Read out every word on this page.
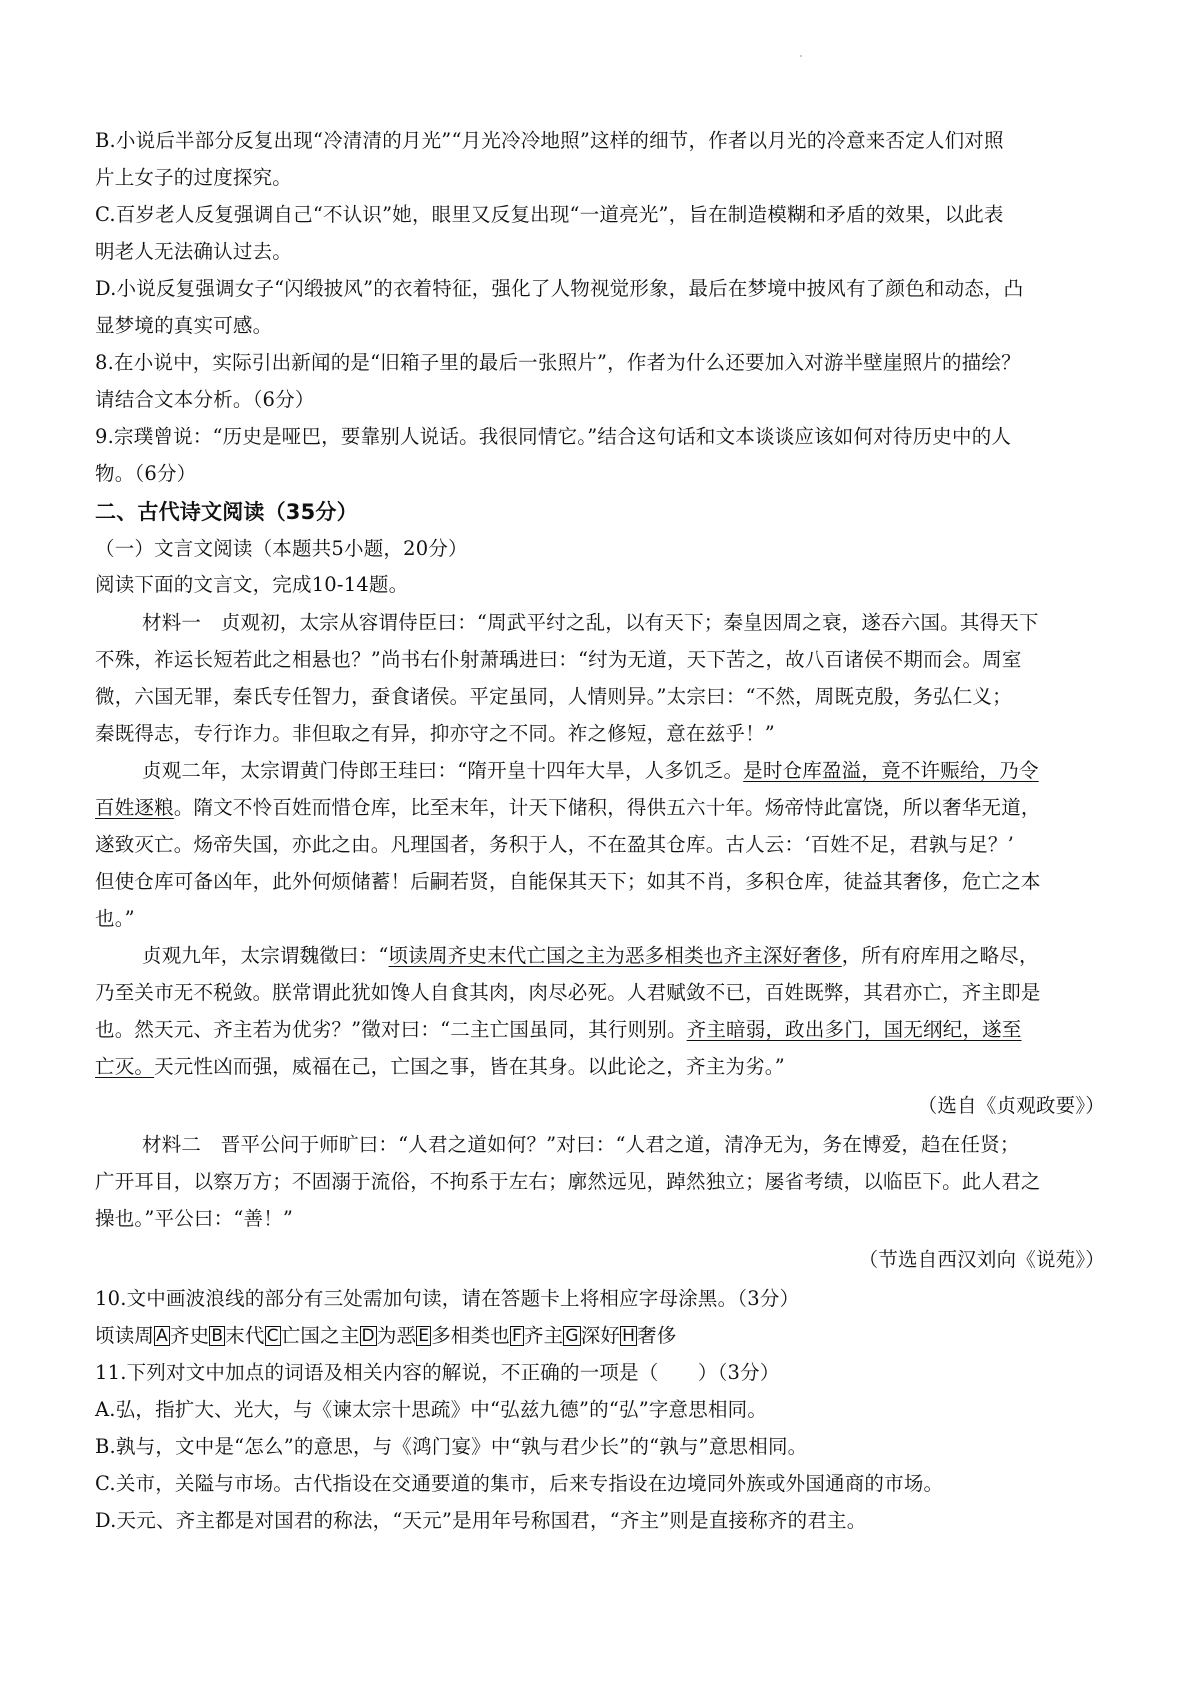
B.小说后半部分反复出现“冷清清的月光”“月光冷冷地照”这样的细节，作者以月光的冷意来否定人们对照
片上女子的过度探究。
C.百岁老人反复强调自己“不认识”她，眼里又反复出现“一道亮光”，旨在制造模糊和矛盾的效果，以此表
明老人无法确认过去。
D.小说反复强调女子“闪缎披风”的衣着特征，强化了人物视觉形象，最后在梦境中披风有了颜色和动态，凸
显梦境的真实可感。
8.在小说中，实际引出新闻的是“旧箱子里的最后一张照片”，作者为什么还要加入对游半壁崖照片的描绘？
请结合文本分析。（6分）
9.宗璞曾说：“历史是哑巴，要靠别人说话。我很同情它。”结合这句话和文本谈谈应该如何对待历史中的人
物。（6分）
二、古代诗文阅读（35分）
（一）文言文阅读（本题共5小题，20分）
阅读下面的文言文，完成10-14题。
材料一　贞观初，太宗从容谓侍臣曰：“周武平纣之乱，以有天下；秦皇因周之衰，遂吞六国。其得天下
不殊，祚运长短若此之相悬也？”尚书右仆射萧瑀进曰：“纣为无道，天下苦之，故八百诸侯不期而会。周室
微，六国无罪，秦氏专任智力，蚕食诸侯。平定虽同，人情则异。”太宗曰：“不然，周既克殷，务弘仁义；
秦既得志，专行诈力。非但取之有异，抑亦守之不同。祚之修短，意在兹乎！”
贞观二年，太宗谓黄门侍郎王珪曰：“隋开皇十四年大旱，人多饥乏。是时仓库盈溢，竟不许赈给，乃令
百姓逐粮。隋文不怜百姓而惜仓库，比至末年，计天下储积，得供五六十年。炀帝恃此富饶，所以奢华无道，
遂致灭亡。炀帝失国，亦此之由。凡理国者，务积于人，不在盈其仓库。古人云：‘百姓不足，君孰与足？’
但使仓库可备凶年，此外何烦储蓄！后嗣若贤，自能保其天下；如其不肖，多积仓库，徒益其奢侈，危亡之本
也。”
贞观九年，太宗谓魏徵曰：“顷读周齐史末代亡国之主为恶多相类也齐主深好奢侈，所有府库用之略尽，
乃至关市无不税敛。朕常谓此犹如馋人自食其肉，肉尽必死。人君赋敛不已，百姓既弊，其君亦亡，齐主即是
也。然天元、齐主若为优劣？”徵对曰：“二主亡国虽同，其行则别。齐主暗弱，政出多门，国无纲纪，遂至
亡灭。天元性凶而强，威福在己，亡国之事，皆在其身。以此论之，齐主为劣。”
（选自《贞观政要》）
材料二　晋平公问于师旷曰：“人君之道如何？”对曰：“人君之道，清净无为，务在博爱，趋在任贤；
广开耳目，以察万方；不固溺于流俗，不拘系于左右；廓然远见，踔然独立；屡省考绩，以临臣下。此人君之
操也。”平公曰：“善！”
（节选自西汉刘向《说苑》）
10.文中画波浪线的部分有三处需加句读，请在答题卡上将相应字母涂黑。（3分）
顷读周 A 齐史 B 末代 C 亡国之主 D 为恶 E 多相类也 F 齐主 G 深好 H 奢侈
11.下列对文中加点的词语及相关内容的解说，不正确的一项是（　　）（3分）
A.弘，指扩大、光大，与《谏太宗十思疏》中“弘兹九德”的“弘”字意思相同。
B.孰与，文中是“怎么”的意思，与《鸿门宴》中“孰与君少长”的“孰与”意思相同。
C.关市，关隘与市场。古代指设在交通要道的集市，后来专指设在边境同外族或外国通商的市场。
D.天元、齐主都是对国君的称法，“天元”是用年号称国君，“齐主”则是直接称齐的君主。
